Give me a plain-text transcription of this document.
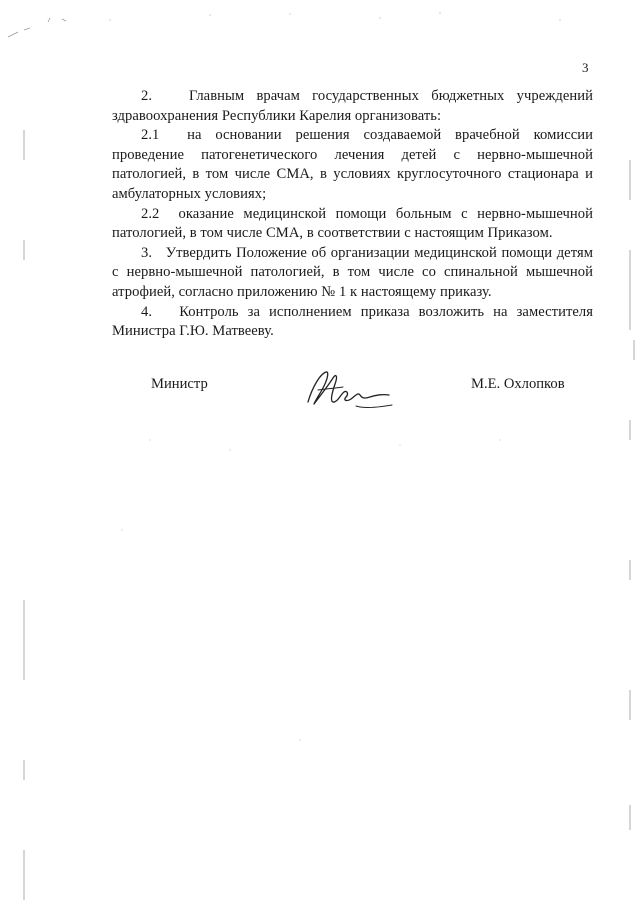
3

2.   Главным врачам государственных бюджетных учреждений здравоохранения Республики Карелия организовать:

2.1  на основании решения создаваемой врачебной комиссии проведение патогенетического лечения детей с нервно-мышечной патологией, в том числе СМА, в условиях круглосуточного стационара и амбулаторных условиях;

2.2  оказание медицинской помощи больным с нервно-мышечной патологией, в том числе СМА, в соответствии с настоящим Приказом.

3.   Утвердить Положение об организации медицинской помощи детям с нервно-мышечной патологией, в том числе со спинальной мышечной атрофией, согласно приложению № 1 к настоящему приказу.

4.   Контроль за исполнением приказа возложить на заместителя Министра Г.Ю. Матвееву.

Министр	М.Е. Охлопков
